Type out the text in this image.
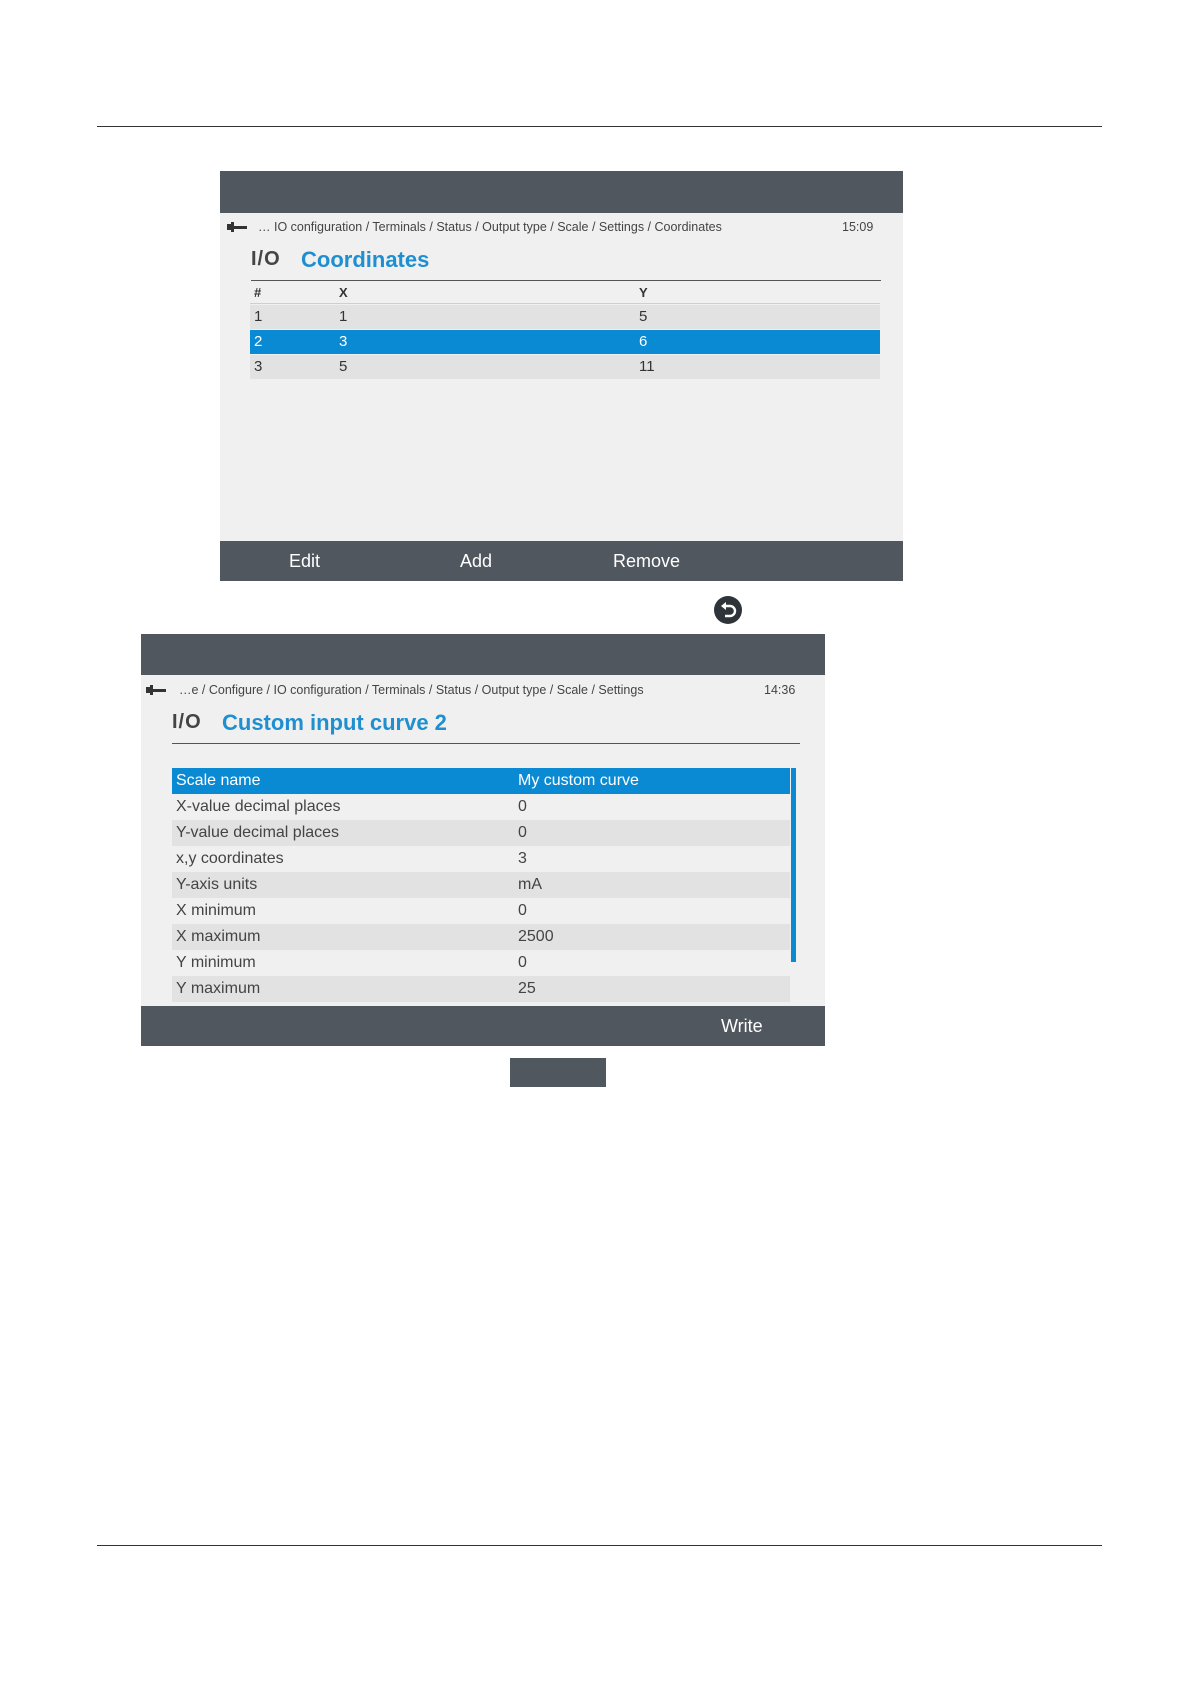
… IO configuration / Terminals / Status / Output type / Scale / Settings / Coordinates	15:09
I/O Coordinates
#	X	Y
1	1	5
2	3	6
3	5	11
Edit	Add	Remove
…e / Configure / IO configuration / Terminals / Status / Output type / Scale / Settings	14:36
I/O Custom input curve 2
Scale name	My custom curve
X-value decimal places	0
Y-value decimal places	0
x,y coordinates	3
Y-axis units	mA
X minimum	0
X maximum	2500
Y minimum	0
Y maximum	25
Write
